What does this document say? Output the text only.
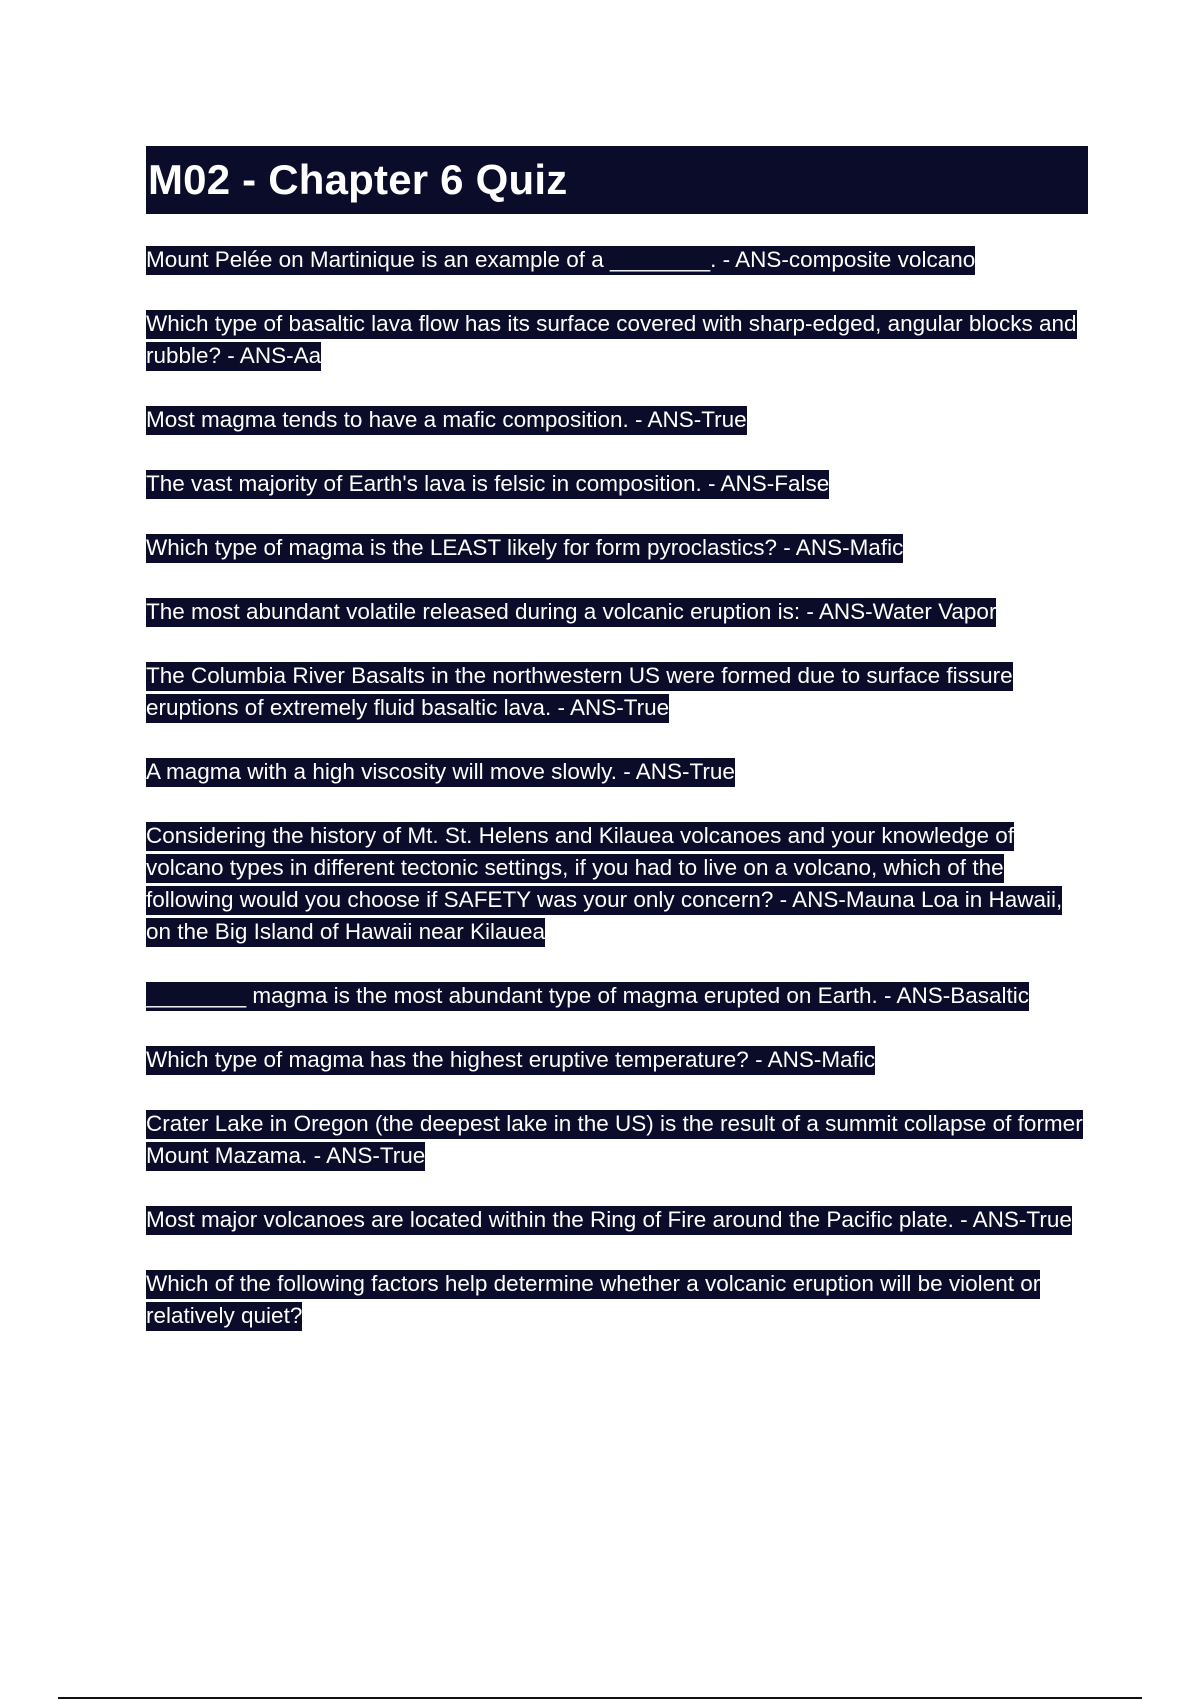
M02 - Chapter 6 Quiz

Mount Pelée on Martinique is an example of a ________. - ANS-composite volcano

Which type of basaltic lava flow has its surface covered with sharp-edged, angular blocks and rubble? - ANS-Aa

Most magma tends to have a mafic composition. - ANS-True

The vast majority of Earth's lava is felsic in composition. - ANS-False

Which type of magma is the LEAST likely for form pyroclastics? - ANS-Mafic

The most abundant volatile released during a volcanic eruption is: - ANS-Water Vapor

The Columbia River Basalts in the northwestern US were formed due to surface fissure eruptions of extremely fluid basaltic lava. - ANS-True

A magma with a high viscosity will move slowly. - ANS-True

Considering the history of Mt. St. Helens and Kilauea volcanoes and your knowledge of volcano types in different tectonic settings, if you had to live on a volcano, which of the following would you choose if SAFETY was your only concern? - ANS-Mauna Loa in Hawaii, on the Big Island of Hawaii near Kilauea

________ magma is the most abundant type of magma erupted on Earth. - ANS-Basaltic

Which type of magma has the highest eruptive temperature? - ANS-Mafic

Crater Lake in Oregon (the deepest lake in the US) is the result of a summit collapse of former Mount Mazama. - ANS-True

Most major volcanoes are located within the Ring of Fire around the Pacific plate. - ANS-True

Which of the following factors help determine whether a volcanic eruption will be violent or relatively quiet?
